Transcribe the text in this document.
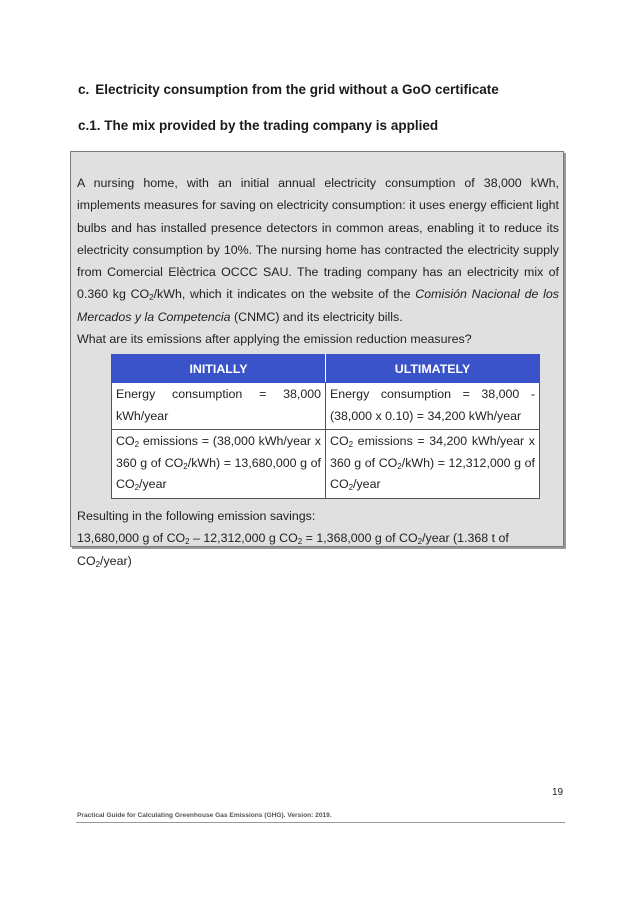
c. Electricity consumption from the grid without a GoO certificate
c.1. The mix provided by the trading company is applied

A nursing home, with an initial annual electricity consumption of 38,000 kWh, implements measures for saving on electricity consumption: it uses energy efficient light bulbs and has installed presence detectors in common areas, enabling it to reduce its electricity consumption by 10%. The nursing home has contracted the electricity supply from Comercial Elèctrica OCCC SAU. The trading company has an electricity mix of 0.360 kg $CO_2$/kWh, which it indicates on the website of the Comisión Nacional de los Mercados y la Competencia (CNMC) and its electricity bills.

What are its emissions after applying the emission reduction measures?

INITIALLY	ULTIMATELY
Energy consumption = 38,000 kWh/year	Energy consumption = 38,000 - (38,000 x 0.10) = 34,200 kWh/year
$CO_2$ emissions = (38,000 kWh/year x 360 g of $CO_2/kWh) = 13,680,000$ g of $CO_2$/year	$CO_2$ emissions = 34,200 kWh/year x 360 g of $CO_2/kWh) = 12,312,000$ g of $CO_2$/year

Resulting in the following emission savings:

13,680,000 g of $CO_2 - 12,312,000$ g $CO_2 = 1,368,000$ g of $CO_2$/year (1.368 t of $CO_2/year$)

19
Practical Guide for Calculating Greenhouse Gas Emissions (GHG). Version: 2019.
